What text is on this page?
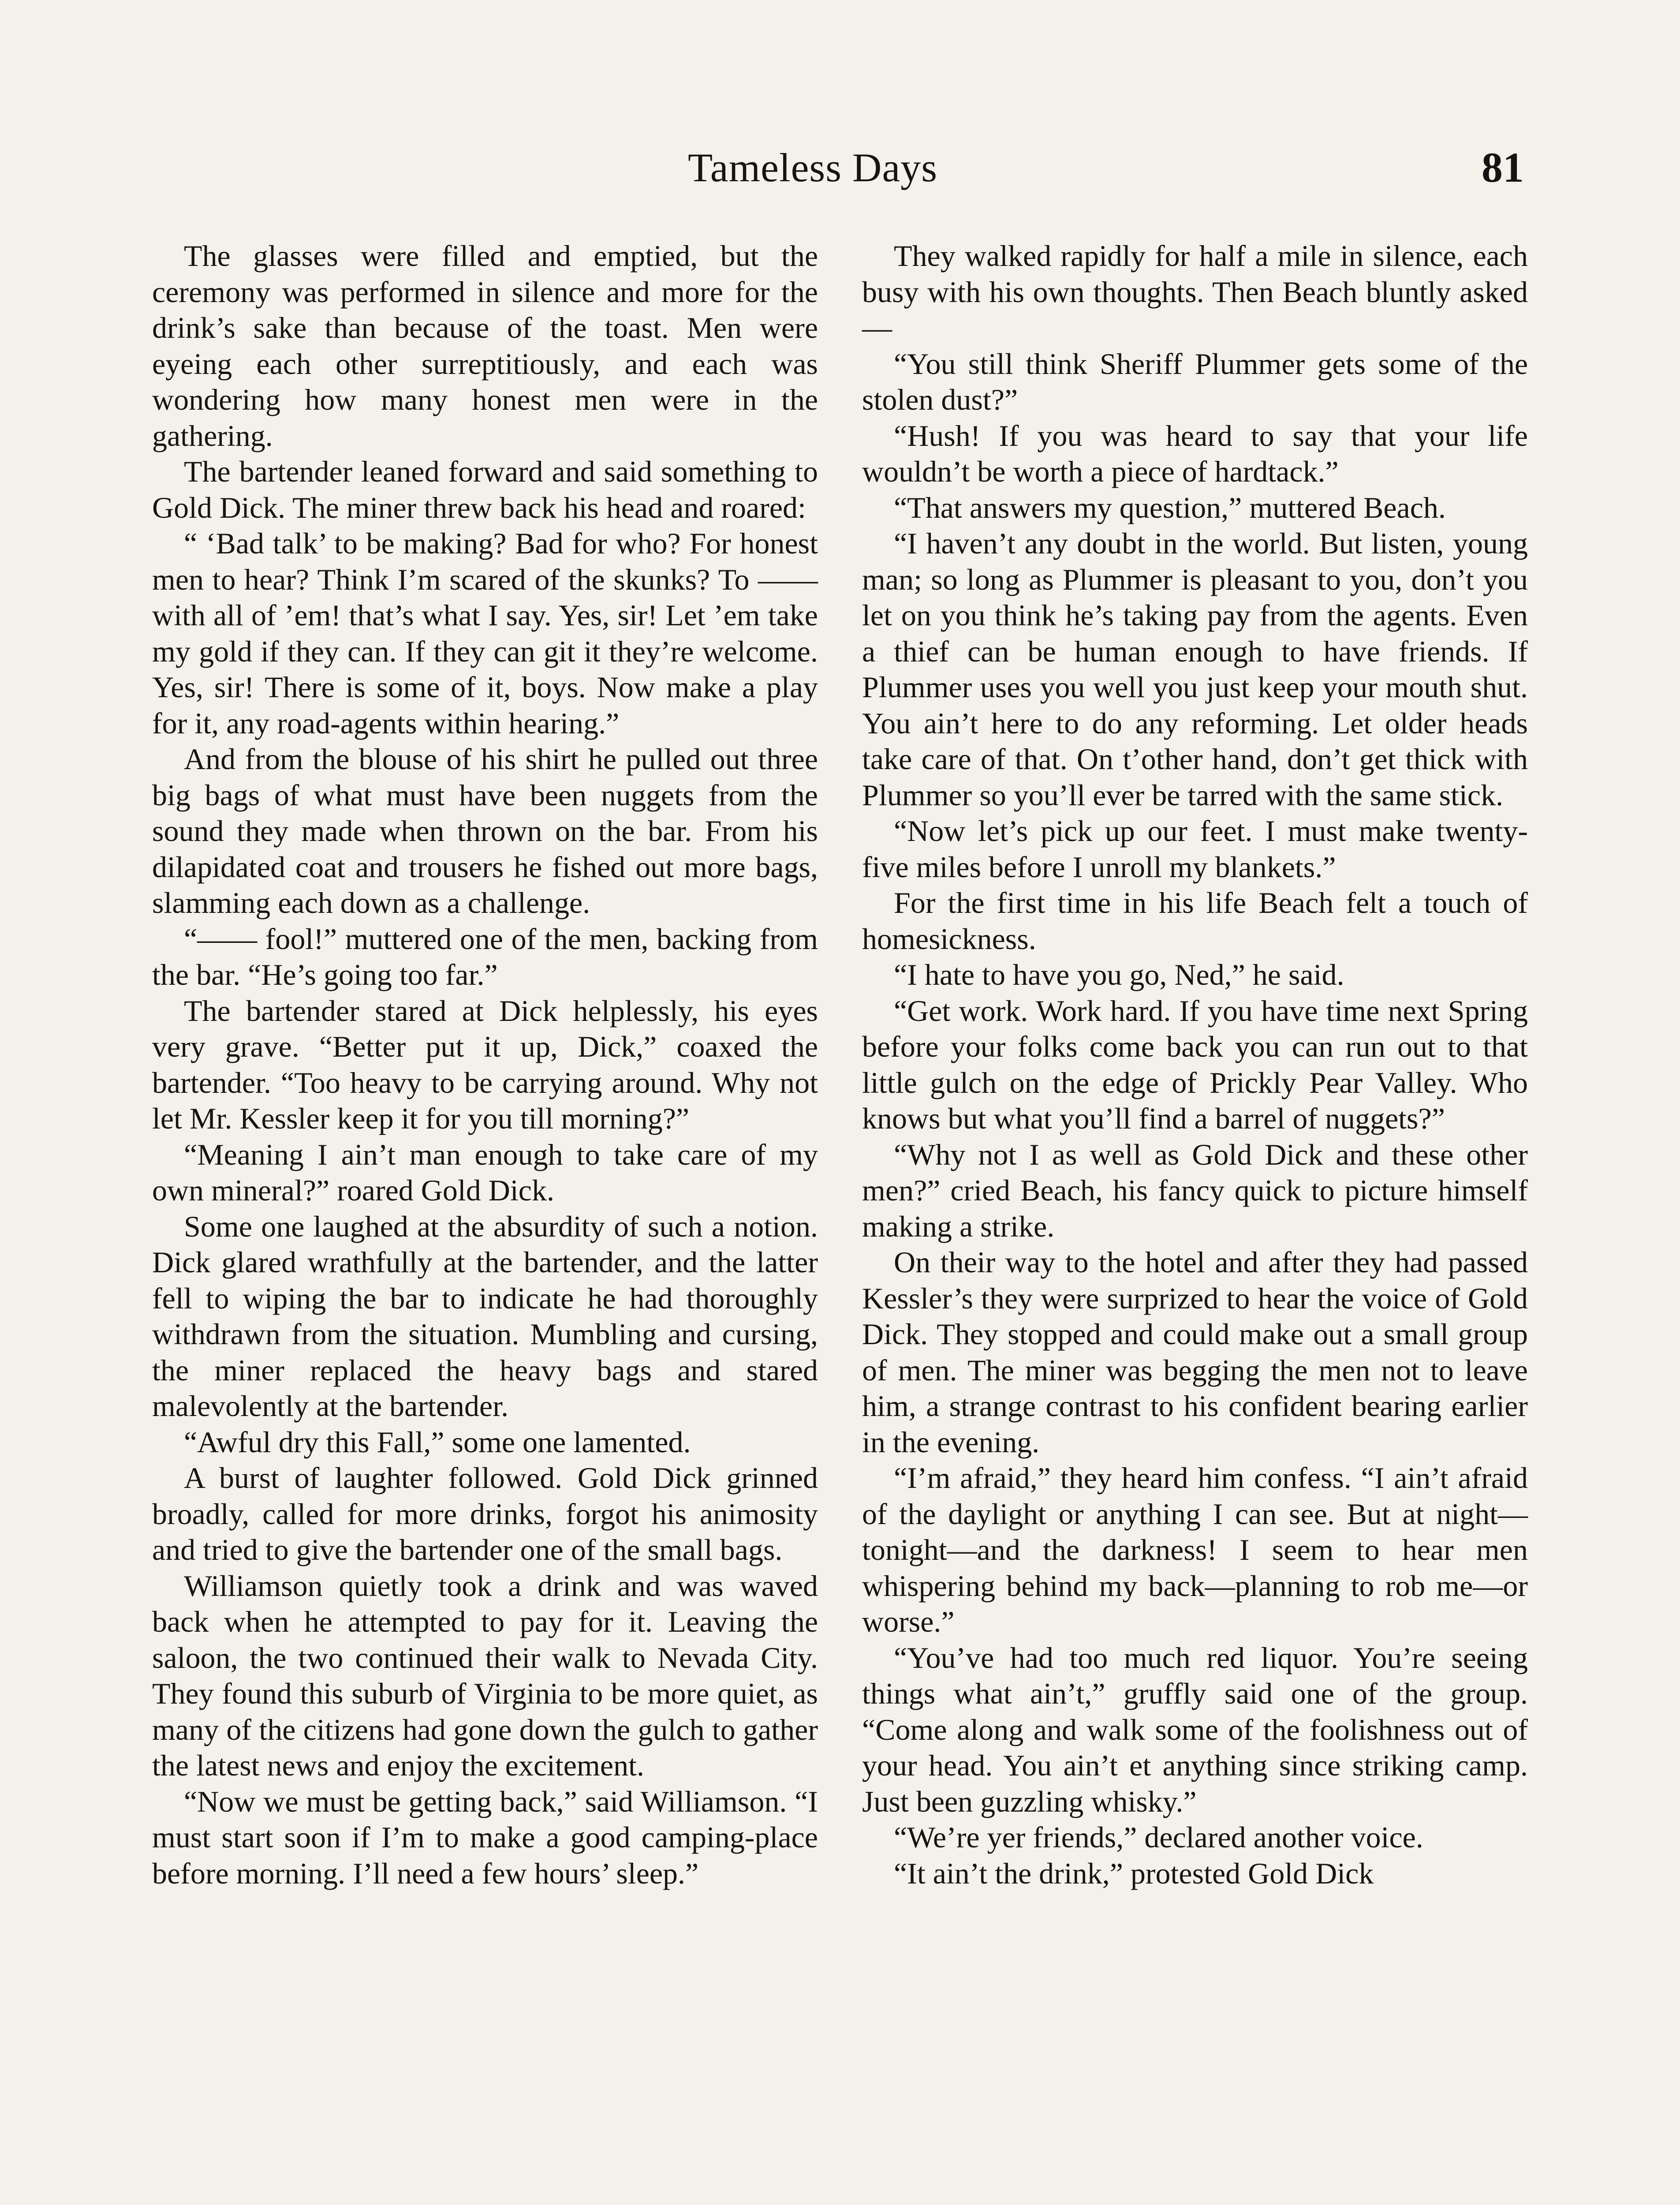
Tameless Days	81

The glasses were filled and emptied, but the ceremony was performed in silence and more for the drink’s sake than because of the toast. Men were eyeing each other surreptitiously, and each was wondering how many honest men were in the gathering.

The bartender leaned forward and said something to Gold Dick. The miner threw back his head and roared:

“ ‘Bad talk’ to be making? Bad for who? For honest men to hear? Think I’m scared of the skunks? To —— with all of ’em! that’s what I say. Yes, sir! Let ’em take my gold if they can. If they can git it they’re welcome. Yes, sir! There is some of it, boys. Now make a play for it, any road-agents within hearing.”

And from the blouse of his shirt he pulled out three big bags of what must have been nuggets from the sound they made when thrown on the bar. From his dilapidated coat and trousers he fished out more bags, slamming each down as a challenge.

“—— fool!” muttered one of the men, backing from the bar. “He’s going too far.”

The bartender stared at Dick helplessly, his eyes very grave. “Better put it up, Dick,” coaxed the bartender. “Too heavy to be carrying around. Why not let Mr. Kessler keep it for you till morning?”

“Meaning I ain’t man enough to take care of my own mineral?” roared Gold Dick.

Some one laughed at the absurdity of such a notion. Dick glared wrathfully at the bartender, and the latter fell to wiping the bar to indicate he had thoroughly withdrawn from the situation. Mumbling and cursing, the miner replaced the heavy bags and stared malevolently at the bartender.

“Awful dry this Fall,” some one lamented.

A burst of laughter followed. Gold Dick grinned broadly, called for more drinks, forgot his animosity and tried to give the bartender one of the small bags.

Williamson quietly took a drink and was waved back when he attempted to pay for it. Leaving the saloon, the two continued their walk to Nevada City. They found this suburb of Virginia to be more quiet, as many of the citizens had gone down the gulch to gather the latest news and enjoy the excitement.

“Now we must be getting back,” said Williamson. “I must start soon if I’m to make a good camping-place before morning. I’ll need a few hours’ sleep.”

They walked rapidly for half a mile in silence, each busy with his own thoughts. Then Beach bluntly asked—

“You still think Sheriff Plummer gets some of the stolen dust?”

“Hush! If you was heard to say that your life wouldn’t be worth a piece of hardtack.”

“That answers my question,” muttered Beach.

“I haven’t any doubt in the world. But listen, young man; so long as Plummer is pleasant to you, don’t you let on you think he’s taking pay from the agents. Even a thief can be human enough to have friends. If Plummer uses you well you just keep your mouth shut. You ain’t here to do any reforming. Let older heads take care of that. On t’other hand, don’t get thick with Plummer so you’ll ever be tarred with the same stick.

“Now let’s pick up our feet. I must make twenty-five miles before I unroll my blankets.”

For the first time in his life Beach felt a touch of homesickness.

“I hate to have you go, Ned,” he said.

“Get work. Work hard. If you have time next Spring before your folks come back you can run out to that little gulch on the edge of Prickly Pear Valley. Who knows but what you’ll find a barrel of nuggets?”

“Why not I as well as Gold Dick and these other men?” cried Beach, his fancy quick to picture himself making a strike.

On their way to the hotel and after they had passed Kessler’s they were surprized to hear the voice of Gold Dick. They stopped and could make out a small group of men. The miner was begging the men not to leave him, a strange contrast to his confident bearing earlier in the evening.

“I’m afraid,” they heard him confess. “I ain’t afraid of the daylight or anything I can see. But at night—tonight—and the darkness! I seem to hear men whispering behind my back—planning to rob me—or worse.”

“You’ve had too much red liquor. You’re seeing things what ain’t,” gruffly said one of the group. “Come along and walk some of the foolishness out of your head. You ain’t et anything since striking camp. Just been guzzling whisky.”

“We’re yer friends,” declared another voice.

“It ain’t the drink,” protested Gold Dick
